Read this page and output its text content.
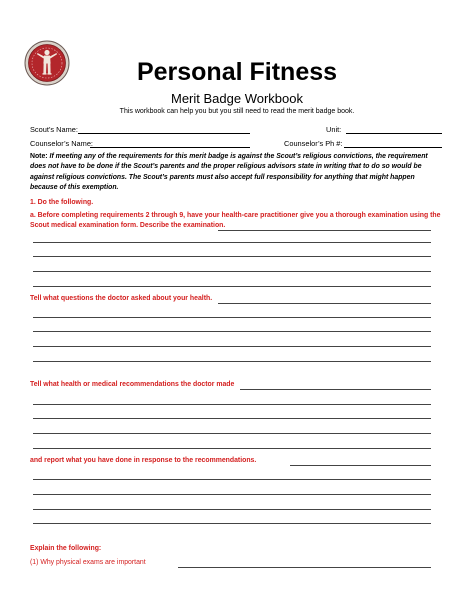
Personal Fitness
Merit Badge Workbook
This workbook can help you but you still need to read the merit badge book.
Scout’s Name:	Unit:
Counselor’s Name:	Counselor’s Ph #:
Note: If meeting any of the requirements for this merit badge is against the Scout’s religious convictions, the requirement does not have to be done if the Scout’s parents and the proper religious advisors state in writing that to do so would be against religious convictions. The Scout’s parents must also accept full responsibility for anything that might happen because of this exemption.
1. Do the following.
a. Before completing requirements 2 through 9, have your health-care practitioner give you a thorough examination using the Scout medical examination form. Describe the examination.
Tell what questions the doctor asked about your health.
Tell what health or medical recommendations the doctor made
and report what you have done in response to the recommendations.
Explain the following:
(1) Why physical exams are important
